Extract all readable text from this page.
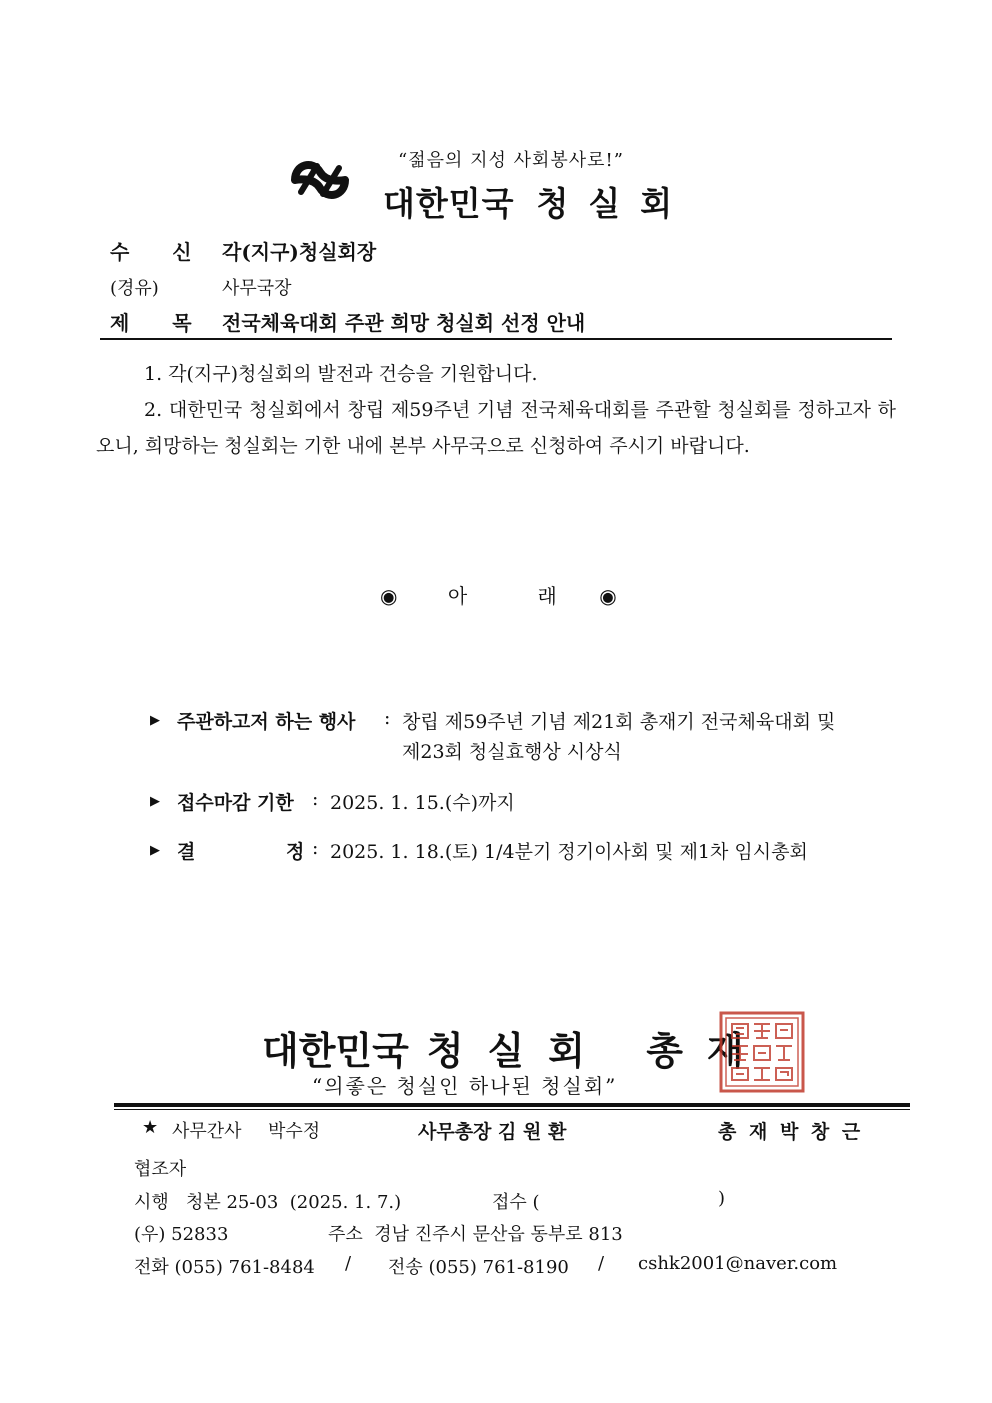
“젊음의 지성 사회봉사로!”
대한민국 청실회
수 신 각(지구)청실회장
(경유)	사무국장
제 목 전국체육대회 주관 희망 청실회 선정 안내
1. 각(지구)청실회의 발전과 건승을 기원합니다.
2. 대한민국 청실회에서 창립 제59주년 기념 전국체육대회를 주관할 청실회를 정하고자 하오니, 희망하는 청실회는 기한 내에 본부 사무국으로 신청하여 주시기 바랍니다.
◉	아	래 ◉
▶ 주관하고저 하는 행사 : 창립 제59주년 기념 제21회 총재기 전국체육대회 및
제23회 청실효행상 시상식
▶ 접수마감 기한 : 2025. 1. 15.(수)까지
▶ 결	정 : 2025. 1. 18.(토) 1/4분기 정기이사회 및 제1차 임시총회
대한민국 청실회 총재
“의좋은 청실인 하나된 청실회”
★ 사무간사 박수정	사무총장 김 원 환	총 재 박 창 근
협조자
시행   청본 25-03  (2025. 1. 7.)	접수 (	)
(우) 52833	주소  경남 진주시 문산읍 동부로 813
전화 (055) 761-8484 / 전송 (055) 761-8190 / cshk2001@naver.com
